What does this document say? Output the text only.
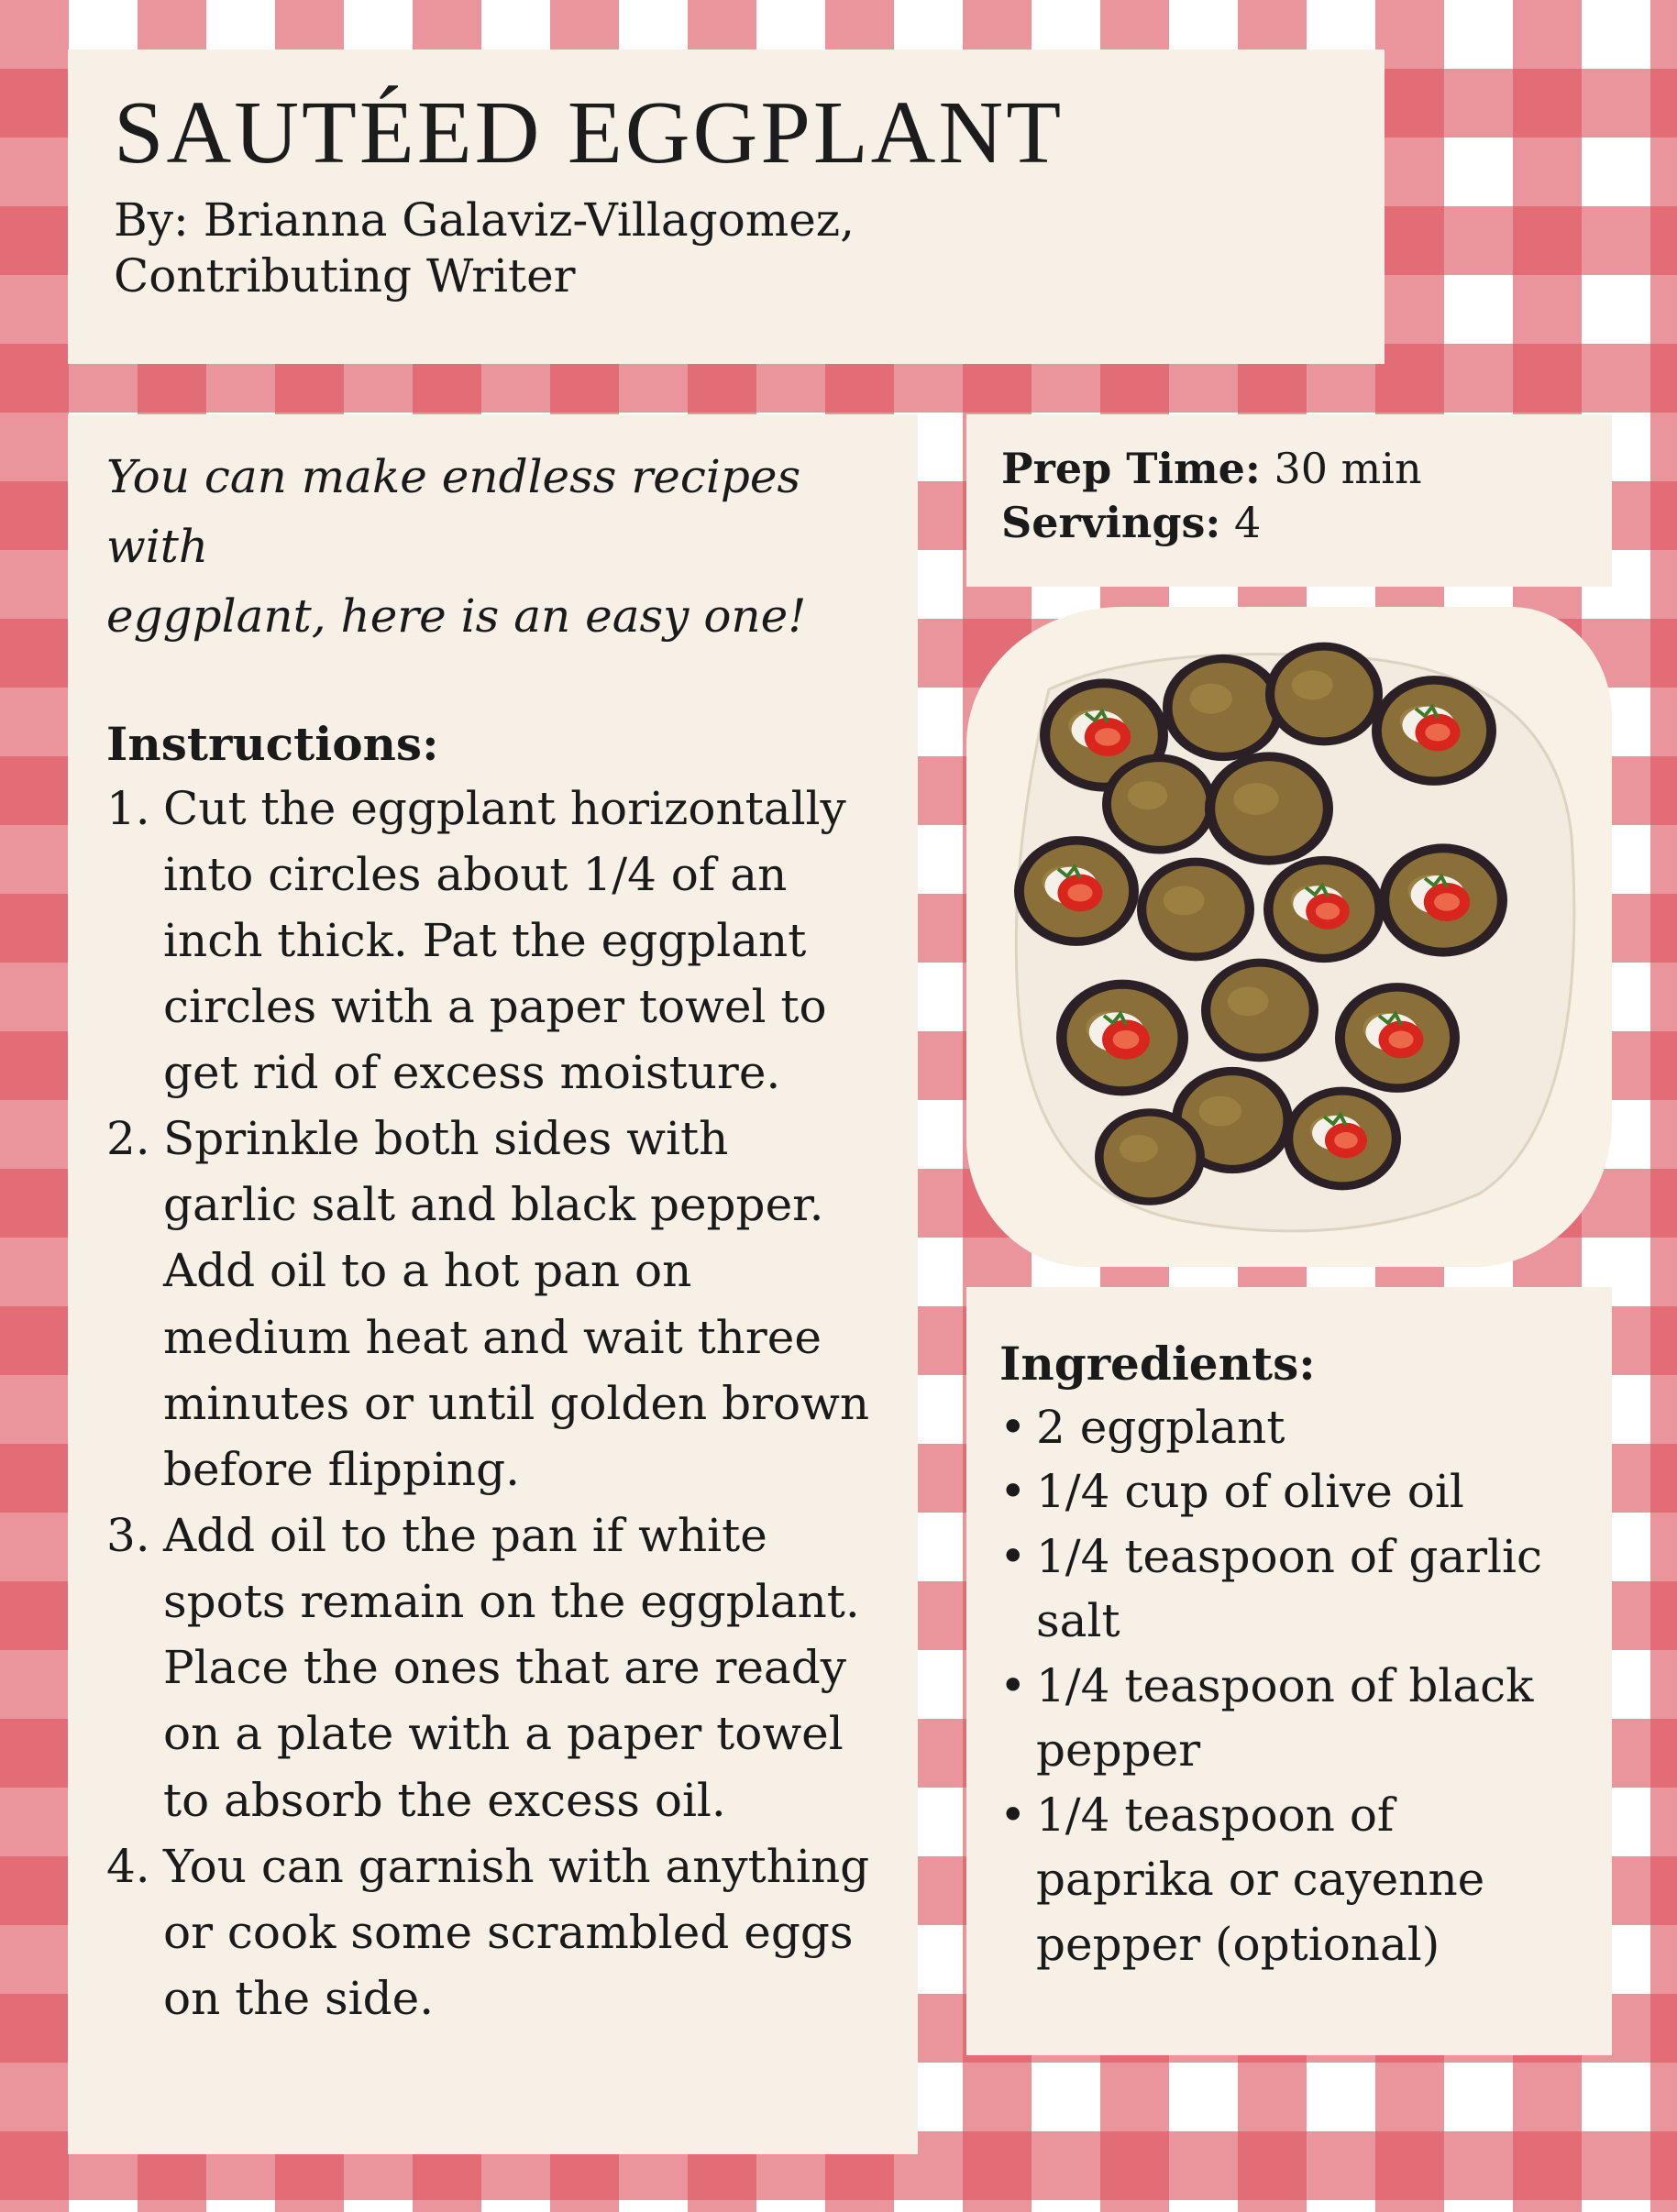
SAUTÉED EGGPLANT
By: Brianna Galaviz-Villagomez,
Contributing Writer

You can make endless recipes with
eggplant, here is an easy one!

Instructions:
1. Cut the eggplant horizontally into circles about 1/4 of an inch thick. Pat the eggplant circles with a paper towel to get rid of excess moisture.
2. Sprinkle both sides with garlic salt and black pepper. Add oil to a hot pan on medium heat and wait three minutes or until golden brown before flipping.
3. Add oil to the pan if white spots remain on the eggplant. Place the ones that are ready on a plate with a paper towel to absorb the excess oil.
4. You can garnish with anything or cook some scrambled eggs on the side.
Prep Time: 30 min
Servings: 4
Ingredients:
• 2 eggplant
• 1/4 cup of olive oil
• 1/4 teaspoon of garlic salt
• 1/4 teaspoon of black pepper
• 1/4 teaspoon of paprika or cayenne pepper (optional)
